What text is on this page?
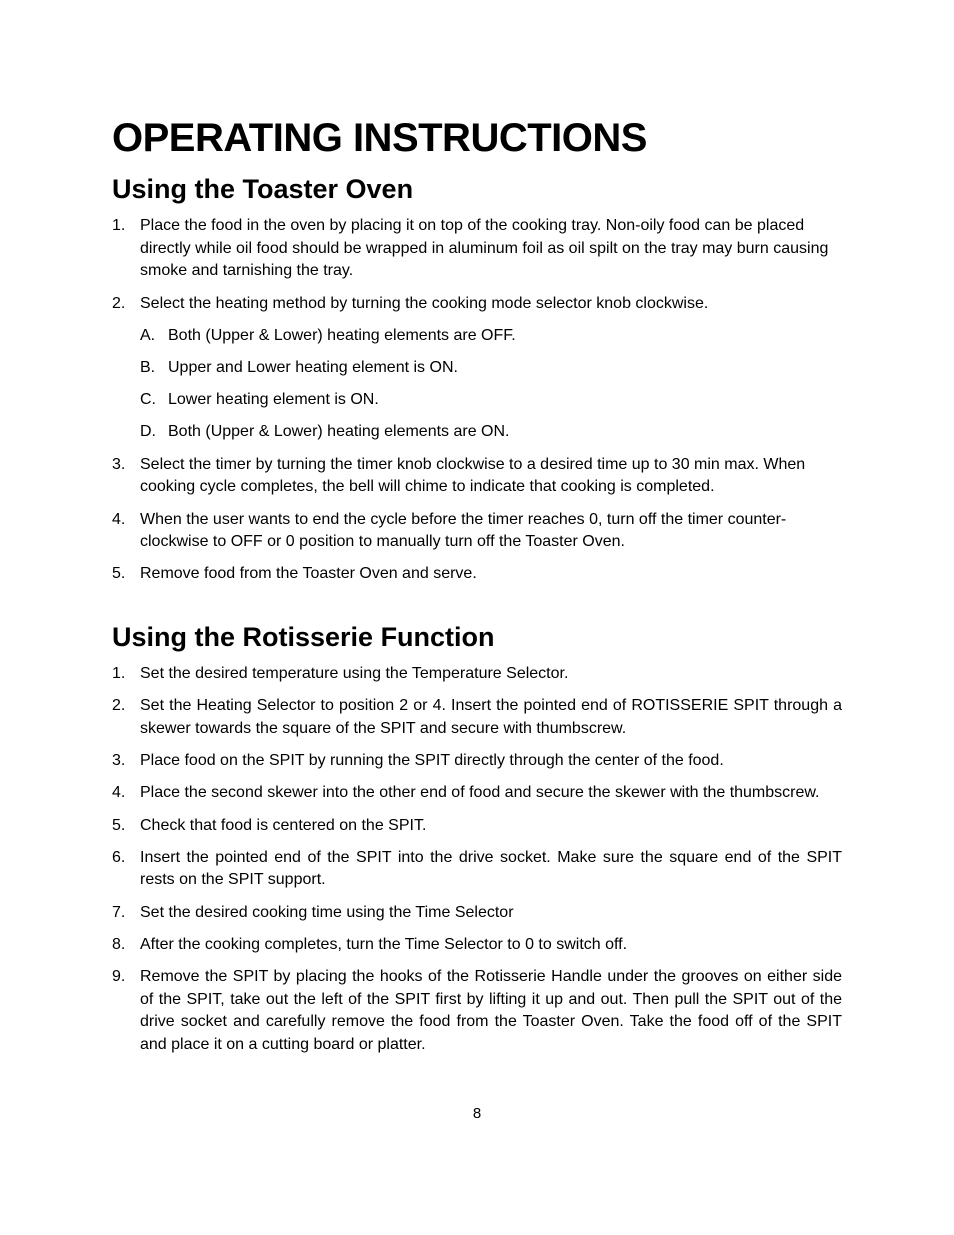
OPERATING INSTRUCTIONS
Using the Toaster Oven
1. Place the food in the oven by placing it on top of the cooking tray. Non-oily food can be placed directly while oil food should be wrapped in aluminum foil as oil spilt on the tray may burn causing smoke and tarnishing the tray.
2. Select the heating method by turning the cooking mode selector knob clockwise.
A. Both (Upper & Lower) heating elements are OFF.
B. Upper and Lower heating element is ON.
C. Lower heating element is ON.
D. Both (Upper & Lower) heating elements are ON.
3. Select the timer by turning the timer knob clockwise to a desired time up to 30 min max. When cooking cycle completes, the bell will chime to indicate that cooking is completed.
4. When the user wants to end the cycle before the timer reaches 0, turn off the timer counter-clockwise to OFF or 0 position to manually turn off the Toaster Oven.
5. Remove food from the Toaster Oven and serve.
Using the Rotisserie Function
1. Set the desired temperature using the Temperature Selector.
2. Set the Heating Selector to position 2 or 4. Insert the pointed end of ROTISSERIE SPIT through a skewer towards the square of the SPIT and secure with thumbscrew.
3. Place food on the SPIT by running the SPIT directly through the center of the food.
4. Place the second skewer into the other end of food and secure the skewer with the thumbscrew.
5. Check that food is centered on the SPIT.
6. Insert the pointed end of the SPIT into the drive socket. Make sure the square end of the SPIT rests on the SPIT support.
7. Set the desired cooking time using the Time Selector
8. After the cooking completes, turn the Time Selector to 0 to switch off.
9. Remove the SPIT by placing the hooks of the Rotisserie Handle under the grooves on either side of the SPIT, take out the left of the SPIT first by lifting it up and out. Then pull the SPIT out of the drive socket and carefully remove the food from the Toaster Oven. Take the food off of the SPIT and place it on a cutting board or platter.
8
